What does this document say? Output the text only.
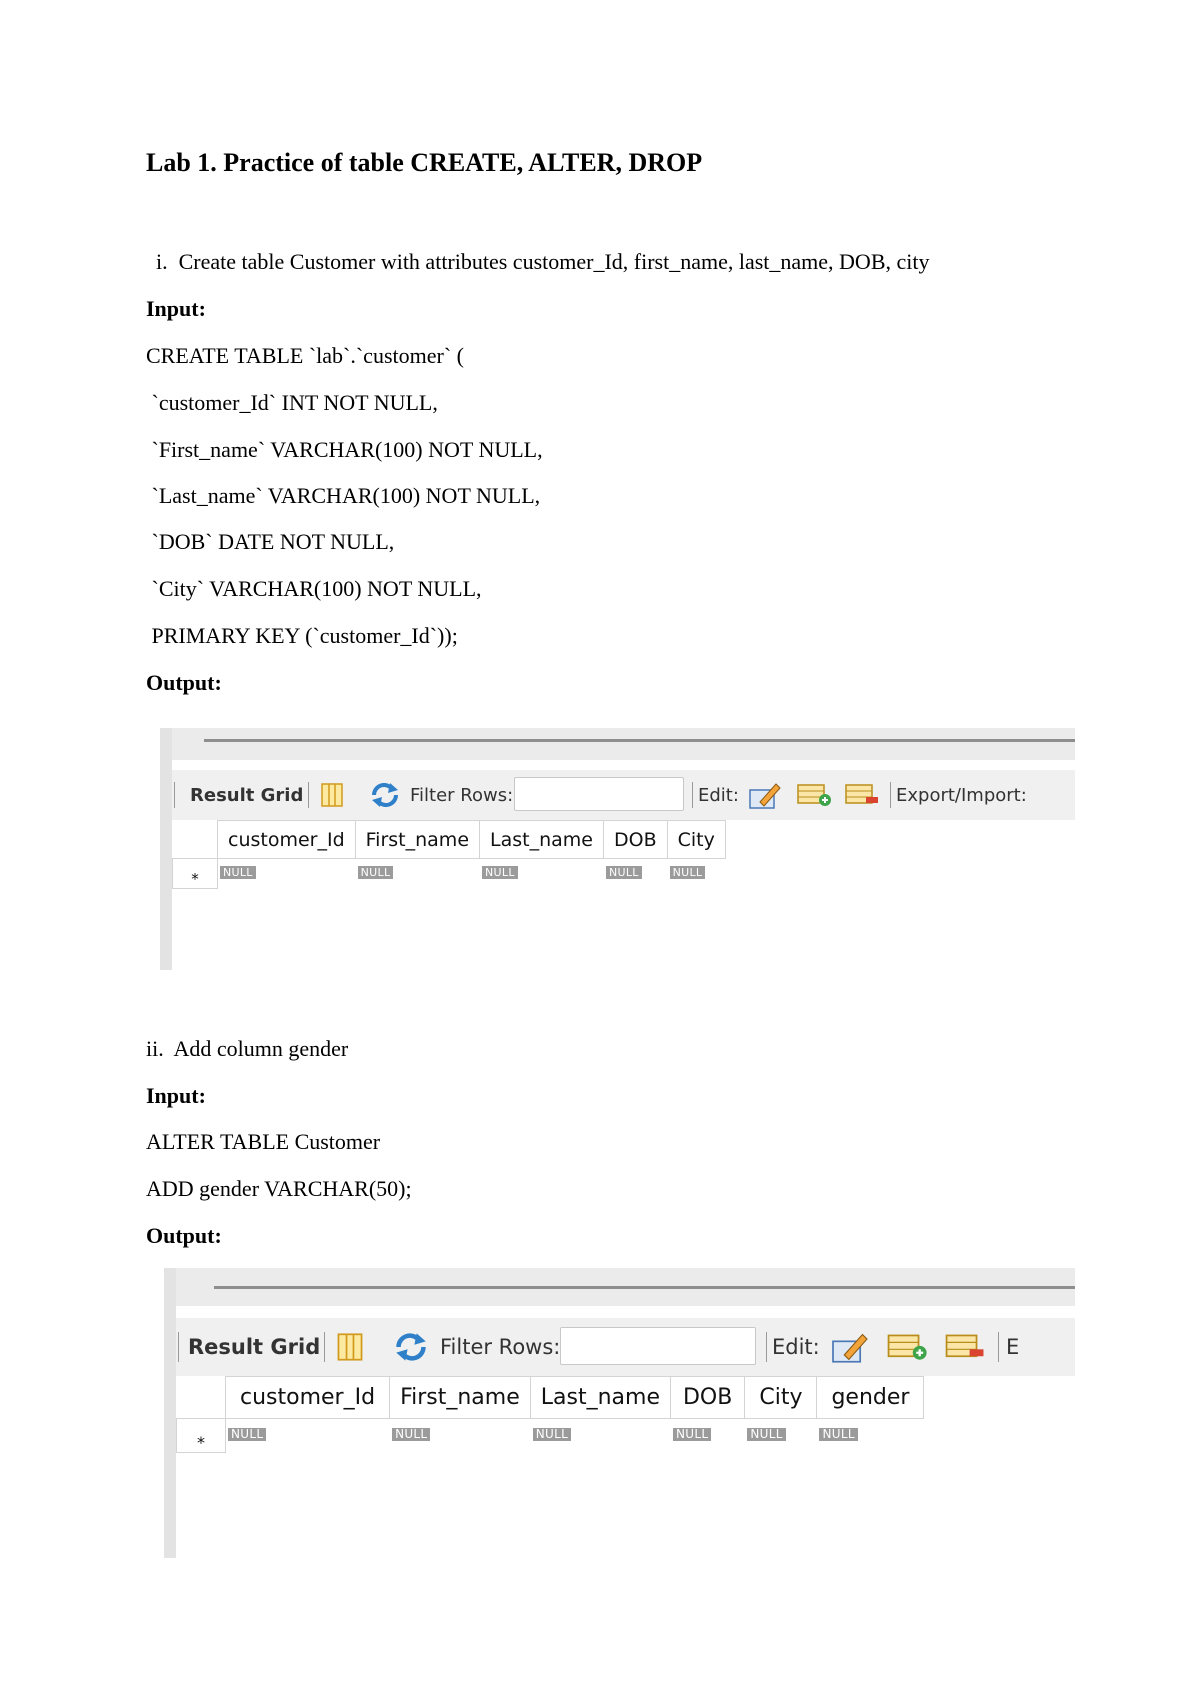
Lab 1. Practice of table CREATE, ALTER, DROP
i.  Create table Customer with attributes customer_Id, first_name, last_name, DOB, city
Input:
CREATE TABLE `lab`.`customer` (
`customer_Id` INT NOT NULL,
`First_name` VARCHAR(100) NOT NULL,
`Last_name` VARCHAR(100) NOT NULL,
`DOB` DATE NOT NULL,
`City` VARCHAR(100) NOT NULL,
PRIMARY KEY (`customer_Id`));
Output:
Result Grid	Filter Rows:	Edit:	Export/Import:
	customer_Id	First_name	Last_name	DOB	City
*	NULL	NULL	NULL	NULL	NULL
ii.  Add column gender
Input:
ALTER TABLE Customer
ADD gender VARCHAR(50);
Output:
Result Grid	Filter Rows:	Edit:	E
	customer_Id	First_name	Last_name	DOB	City	gender
*	NULL	NULL	NULL	NULL	NULL	NULL
